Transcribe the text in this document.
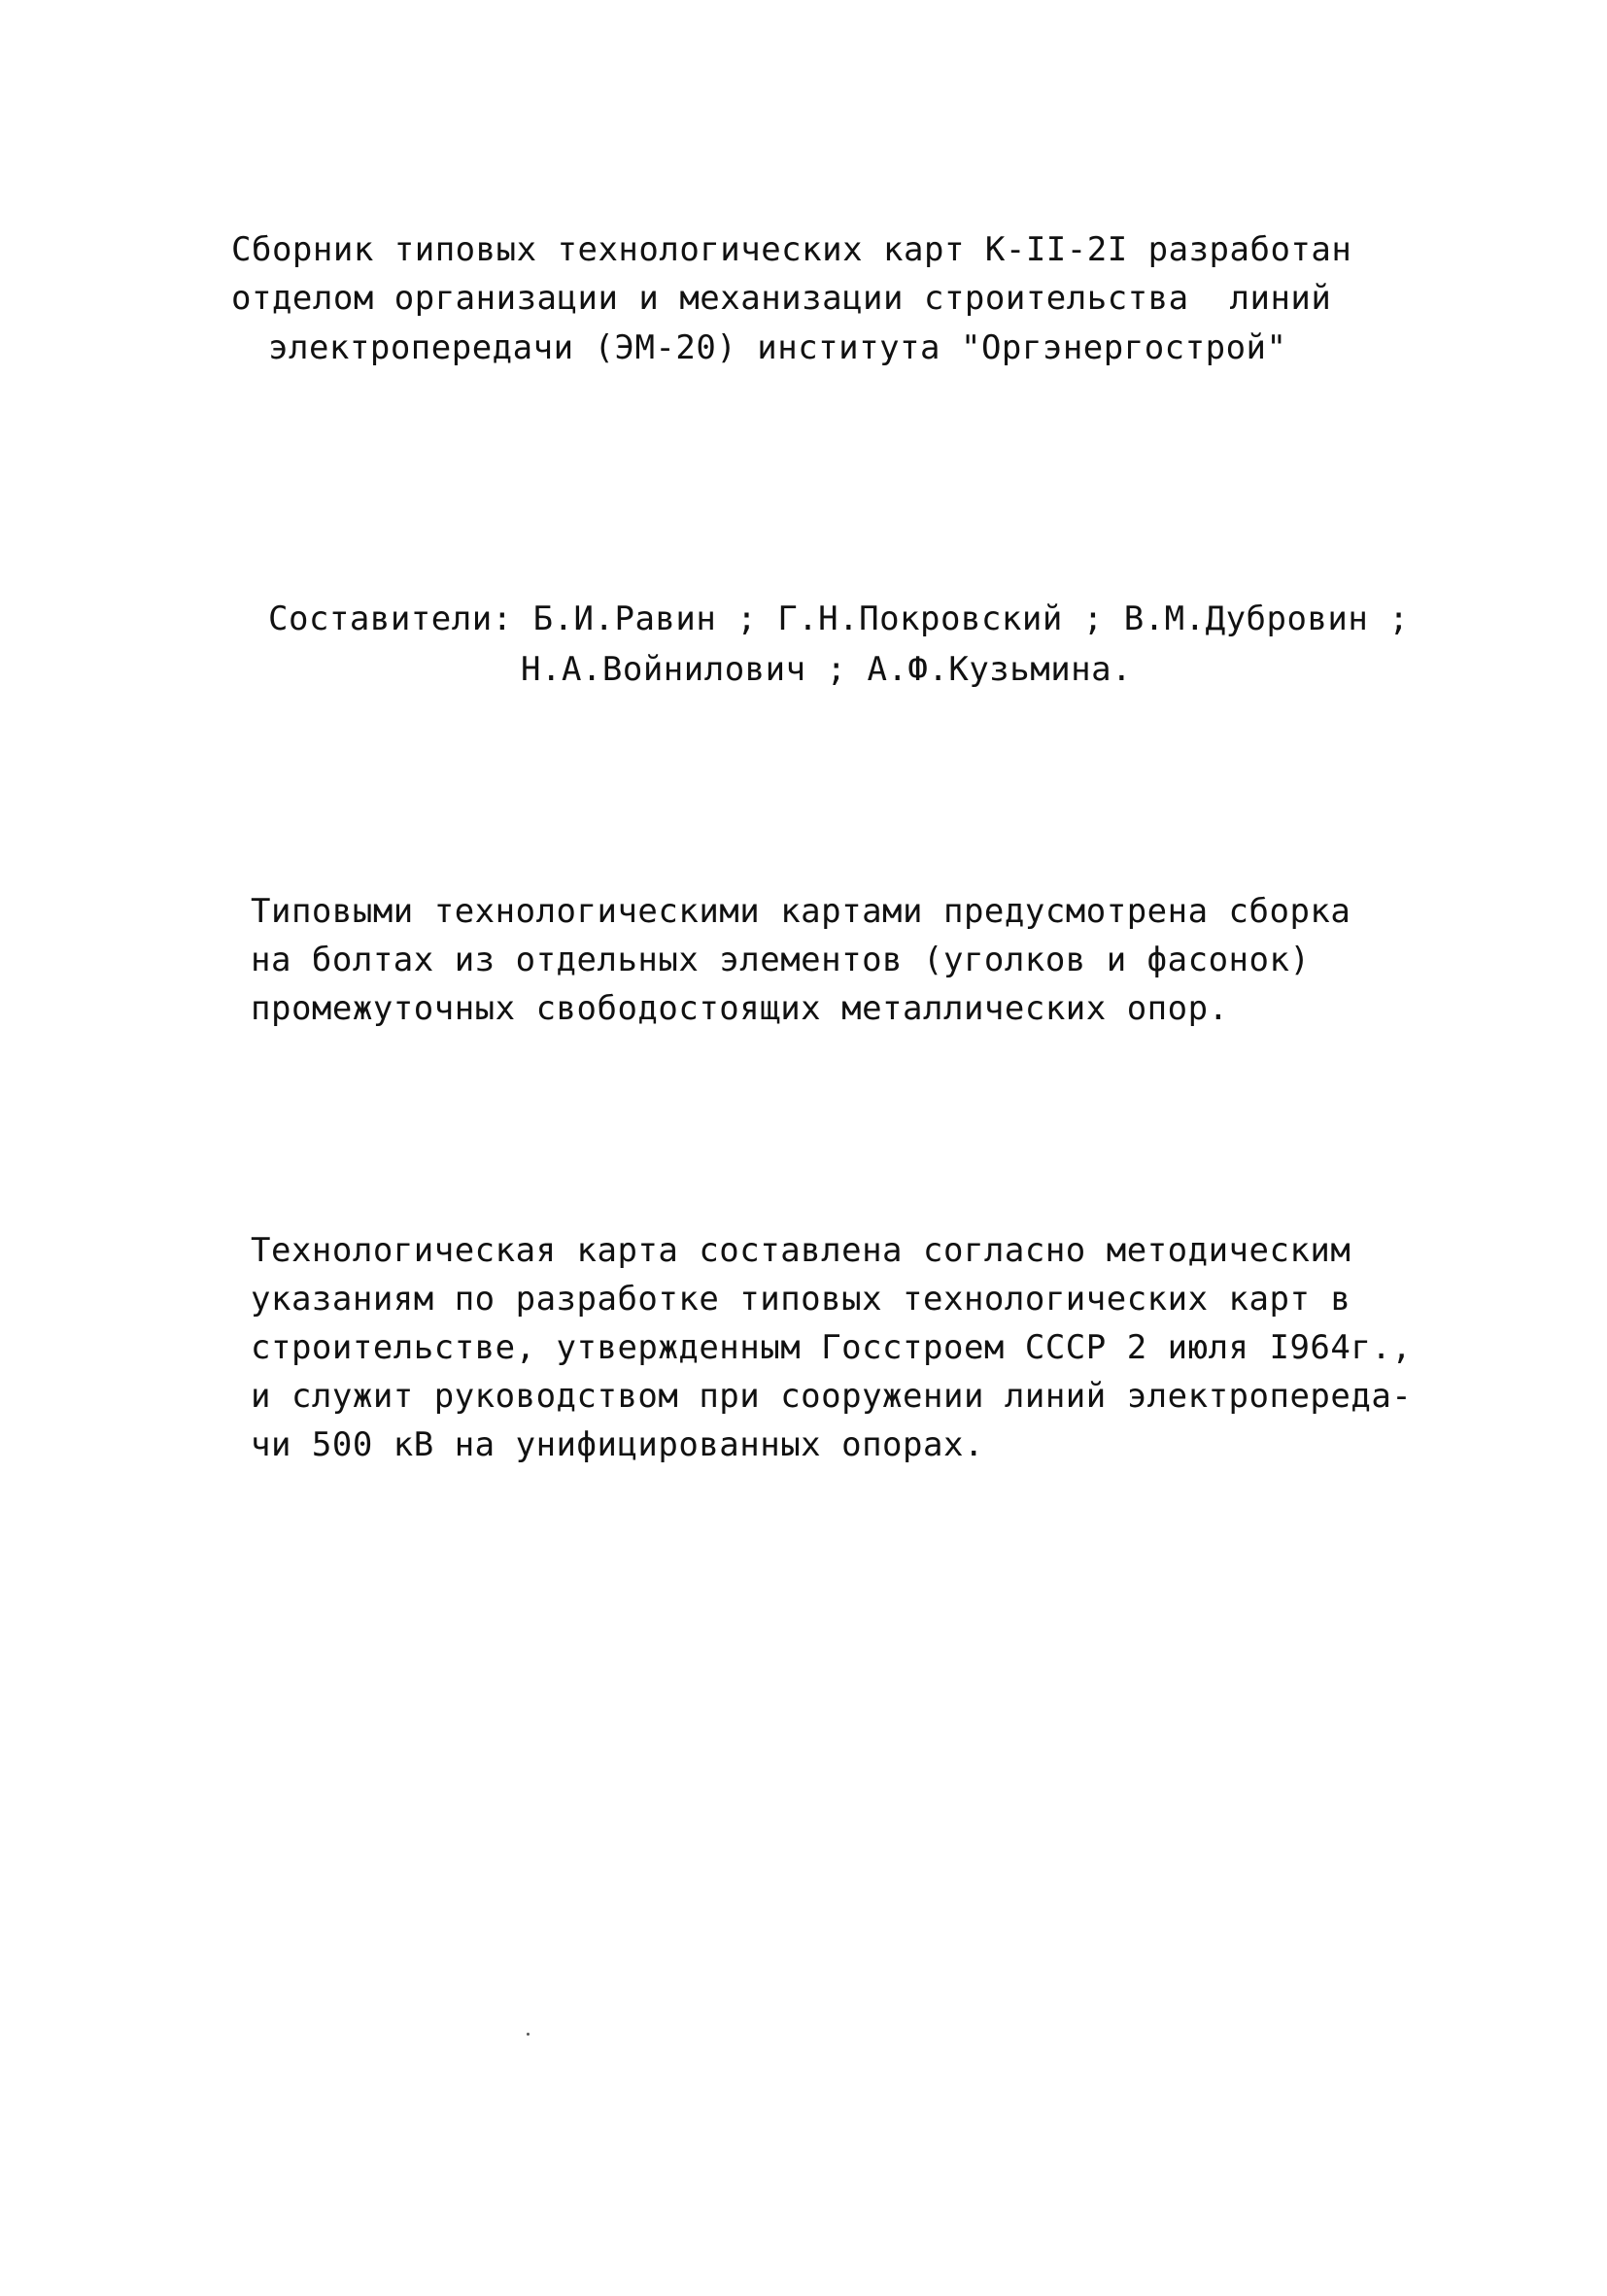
Сборник типовых технологических карт К-II-2I разработан
отделом организации и механизации строительства  линий
электропередачи (ЭМ-20) института "Оргэнергострой"
Составители: Б.И.Равин ; Г.Н.Покровский ; В.М.Дубровин ;
Н.А.Войнилович ; А.Ф.Кузьмина.
Типовыми технологическими картами предусмотрена сборка
на болтах из отдельных элементов (уголков и фасонок)
промежуточных свободостоящих металлических опор.
Технологическая карта составлена согласно методическим
указаниям по разработке типовых технологических карт в
строительстве, утвержденным Госстроем СССР 2 июля I964г.,
и служит руководством при сооружении линий электропереда-
чи 500 кВ на унифицированных опорах.
